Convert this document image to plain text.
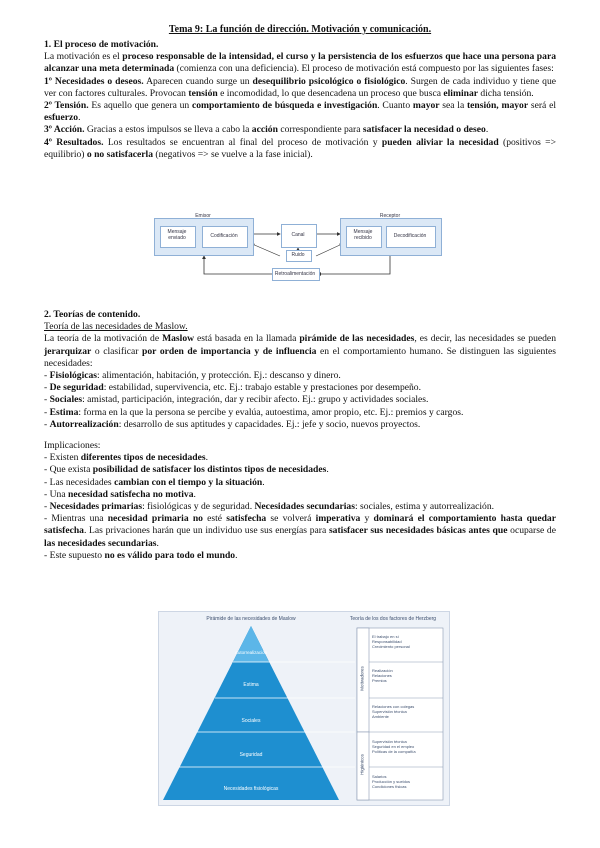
Tema 9: La función de dirección. Motivación y comunicación.
1. El proceso de motivación.
La motivación es el proceso responsable de la intensidad, el curso y la persistencia de los esfuerzos que hace una persona para alcanzar una meta determinada (comienza con una deficiencia). El proceso de motivación está compuesto por las siguientes fases:
1º Necesidades o deseos. Aparecen cuando surge un desequilibrio psicológico o fisiológico. Surgen de cada individuo y tiene que ver con factores culturales. Provocan tensión e incomodidad, lo que desencadena un proceso que busca eliminar dicha tensión.
2º Tensión. Es aquello que genera un comportamiento de búsqueda e investigación. Cuanto mayor sea la tensión, mayor será el esfuerzo.
3º Acción. Gracias a estos impulsos se lleva a cabo la acción correspondiente para satisfacer la necesidad o deseo.
4º Resultados. Los resultados se encuentran al final del proceso de motivación y pueden aliviar la necesidad (positivos => equilibrio) o no satisfacerla (negativos => se vuelve a la fase inicial).
Emisor
Mensaje enviado	Codificación	Canal
Ruido
Receptor
Mensaje recibido	Decodificación
Retroalimentación
2. Teorías de contenido.
Teoría de las necesidades de Maslow.
La teoría de la motivación de Maslow está basada en la llamada pirámide de las necesidades, es decir, las necesidades se pueden jerarquizar o clasificar por orden de importancia y de influencia en el comportamiento humano. Se distinguen las siguientes necesidades:
- Fisiológicas: alimentación, habitación, y protección. Ej.: descanso y dinero.
- De seguridad: estabilidad, supervivencia, etc. Ej.: trabajo estable y prestaciones por desempeño.
- Sociales: amistad, participación, integración, dar y recibir afecto. Ej.: grupo y actividades sociales.
- Estima: forma en la que la persona se percibe y evalúa, autoestima, amor propio, etc. Ej.: premios y cargos.
- Autorrealización: desarrollo de sus aptitudes y capacidades. Ej.: jefe y socio, nuevos proyectos.
Implicaciones:
- Existen diferentes tipos de necesidades.
- Que exista posibilidad de satisfacer los distintos tipos de necesidades.
- Las necesidades cambian con el tiempo y la situación.
- Una necesidad satisfecha no motiva.
- Necesidades primarias: fisiológicas y de seguridad. Necesidades secundarias: sociales, estima y autorrealización.
- Mientras una necesidad primaria no esté satisfecha se volverá imperativa y dominará el comportamiento hasta quedar satisfecha. Las privaciones harán que un individuo use sus energías para satisfacer sus necesidades básicas antes que ocuparse de las necesidades secundarias.
- Este supuesto no es válido para todo el mundo.
Pirámide de las necesidades de Maslow	Teoría de los dos factores de Herzberg
Autorrealización
Estima
Sociales
Seguridad
Necesidades fisiológicas
El trabajo en sí
Responsabilidad
Crecimiento personal
Realización
Relaciones
Premios
Relaciones con colegas
Supervisión técnica
Ambiente
Supervisión técnica
Seguridad en el empleo
Políticas de la compañía
Salarios
Producción y sueldos
Condiciones físicas
Motivadores
Higiénicos
